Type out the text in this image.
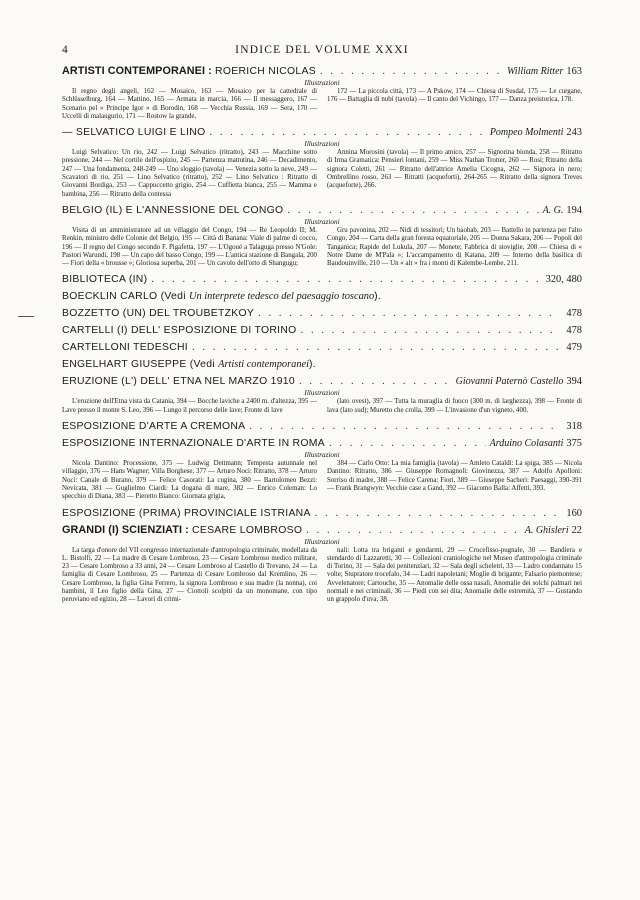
4	INDICE DEL VOLUME XXXI
ARTISTI CONTEMPORANEI : ROERICH NICOLAS . . .	William Ritter 163
Illustrazioni

Il regno degli angeli, 162 — Mosaico, 163 — Mosaico per la cattedrale di Schlüsselburg, 164 — Mattino, 165 — Armata in marcia, 166 — Il messaggero, 167 — Scenario pel « Principe Igor » di Borodin, 168 — Vecchia Russia, 169 — Sera, 170 — Uccelli di malaugurio, 171 — Rostow la grande,

172 — La piccola città, 173 — A Pskow, 174 — Chiesa di Susdal, 175 — Le curgane, 176 — Battaglia di nubi (tavola) — Il canto del Vichingo, 177 — Danza preistorica, 178.

— SELVATICO LUIGI E LINO . . .	Pompeo Molmenti 243
Illustrazioni

Luigi Selvatico: Un rio, 242 — Luigi Selvatico (ritratto), 243 — Macchine sotto pressione, 244 — Nel cortile dell'ospizio, 245 — Partenza mattutina, 246 — Decadimento, 247 — Una fondamenta, 248-249 — Uno sloggio (tavola) — Venezia sotto la neve, 249 — Scavatori di rio, 251 — Lino Selvatico (ritratto), 252 — Lino Selvatico : Ritratto di Giovanni Bordiga, 253 — Cappuccetto grigio, 254 — Cuffietta bianca, 255 — Mamma e bambina, 256 — Ritratto della contessa

Annina Morosini (tavola) — Il primo amico, 257 — Signorina bionda, 258 — Ritratto di Irma Gramatica: Pensieri lontani, 259 — Miss Nathan Trotter, 260 — Rosi; Ritratto della signora Coletti, 261 — Ritratto dell'attrice Amelia Cicogna, 262 — Signora in nero; Ombrellino rosso, 263 — Ritratti (acqueforti), 264-265 — Ritratto della signora Treves (acqueforte), 266.

BELGIO (IL) E L'ANNESSIONE DEL CONGO . . .	A. G. 194
Illustrazioni

Visita di un amministratore ad un villaggio del Congo, 194 — Re Leopoldo II; M. Renkin, ministro delle Colonie del Belgio, 195 — Città di Banana: Viale di palme di cocco, 196 — Il regno del Congo secondo F. Pigafetta, 197 — L'Ogoué a Talaguga presso N'Gole: Pastori Warundi, 198 — Un capo del basso Congo, 199 — L'antica stazione di Bangala, 200 — Fiori della « brousse »; Gloriosa superba, 201 — Un cavolo dell'orto di Shangugu;

Gru pavonina, 202 — Nidi di tessitori; Un baobab, 203 — Battello in partenza per l'alto Congo, 204 — Carta della gran foresta equatoriale, 205 — Donna Sakara, 206 — Popoli del Tanganica; Rapide del Lukula, 207 — Monete; Fabbrica di stoviglie, 208 — Chiesa di « Notre Dame de M'Pala »; L'accampamento di Katana, 209 — Interno della basilica di Baudouinville, 210 — Un « alt » fra i monti di Kalembe-Lembe, 211.

BIBLIOTECA (IN) . . .	320, 480
BOECKLIN CARLO (Vedi Un interprete tedesco del paesaggio toscano).
BOZZETTO (UN) DEL TROUBETZKOY . . .	478
CARTELLI (I) DELL' ESPOSIZIONE DI TORINO . . .	478
CARTELLONI TEDESCHI . . .	479
ENGELHART GIUSEPPE (Vedi Artisti contemporanei).
ERUZIONE (L') DELL' ETNA NEL MARZO 1910 . . .	Giovanni Paternò Castello 394
Illustrazioni

L'eruzione dell'Etna vista da Catania, 394 — Bocche laviche a 2400 m. d'altezza, 395 — Lave presso il monte S. Leo, 396 — Lungo il percorso delle lave; Fronte di lave

(lato ovest), 397 — Tutta la muraglia di fuoco (300 m. di larghezza), 398 — Fronte di lava (lato sud); Muretto che crolla, 399 — L'invasione d'un vigneto, 400.

ESPOSIZIONE D'ARTE A CREMONA . . .	318
ESPOSIZIONE INTERNAZIONALE D'ARTE IN ROMA . . .	Arduino Colasanti 375
Illustrazioni

Nicola Dantino: Processione, 375 — Ludwig Dettmann; Tempesta autunnale nel villaggio, 376 — Hans Wagner; Villa Borghese, 377 — Arturo Noci: Ritratto, 378 — Arturo Noci: Canale di Burano, 379 — Felice Casorati: La cugina, 380 — Bartolomeo Bezzi: Nevicata, 381 — Guglielmo Ciardi: La dogana di mare, 382 — Enrico Coleman: Lo specchio di Diana, 383 — Pieretto Bianco: Giornata grigia,

384 — Carlo Otto: La mia famiglia (tavola) — Amleto Cataldi: La spiga, 385 — Nicola Dantino: Ritratto, 386 — Giuseppe Romagnoli: Giovinezza, 387 — Adolfo Apolloni: Sorriso di madre, 388 — Felice Carena: Fiori, 389 — Giuseppe Sacheri: Paesaggi, 390-391 — Frank Brangwyn: Vecchie case a Gand, 392 — Giacomo Balla: Affetti, 393.

ESPOSIZIONE (PRIMA) PROVINCIALE ISTRIANA . . .	160
GRANDI (I) SCIENZIATI : CESARE LOMBROSO . . .	A. Ghisleri 22
Illustrazioni

La targa d'onore del VII congresso internazionale d'antropologia criminale, modellata da L. Bistolfi, 22 — La madre di Cesare Lombroso, 23 — Cesare Lombroso medico militare, 23 — Cesare Lombroso a 33 anni, 24 — Cesare Lombroso al Castello di Trevano, 24 — La famiglia di Cesare Lombroso, 25 — Partenza di Cesare Lombroso dal Kremlino, 26 — Cesare Lombroso, la figlia Gina Ferrero, la signora Lombroso e sua madre (la nonna), coi bambini, il Leo figlio della Gina, 27 — Ciottoli scolpiti da un monomane, con tipo peruviano ed egizio, 28 — Lavori di crimi-

nali: Lotta tra briganti e gendarmi, 29 — Crocefisso-pugnale, 30 — Bandiera e stendardo di Lazzaretti, 30 — Collezioni craniologiche nel Museo d'antropologia criminale di Torino, 31 — Sala dei penitenziari, 32 — Sala degli scheletri, 33 — Ladro condannato 15 volte; Stupratore trocefalo, 34 — Ladri napoletani; Moglie di brigante; Falsario piemontese; Avvelenatore; Cartouche, 35 — Anomalie delle ossa nasali, Anomalie dei solchi palmari nei normali e nei criminali, 36 — Piedi con sei dita; Anomalie delle estremità, 37 — Gustando un grappolo d'uva, 38.
